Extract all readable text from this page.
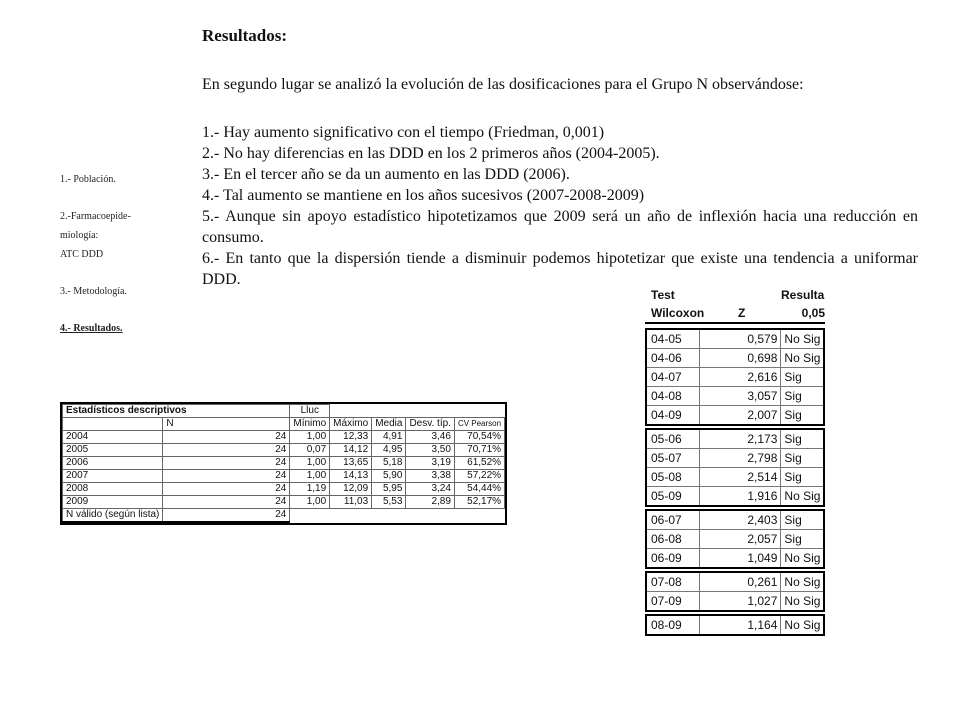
1.- Población.
2.-Farmacoepide-
miología:
ATC DDD
3.- Metodología.
4.- Resultados.
Resultados:
En segundo lugar se analizó la evolución de las dosificaciones para el Grupo N observándose:

1.- Hay aumento significativo con el tiempo (Friedman, 0,001)

2.- No hay diferencias en las DDD en los 2 primeros años (2004-2005).

3.- En el tercer año se da un aumento en las DDD (2006).

4.- Tal aumento se mantiene en los años sucesivos (2007-2008-2009)

5.- Aunque sin apoyo estadístico hipotetizamos que 2009 será un año de inflexión hacia una reducción en consumo.

6.- En tanto que la dispersión tiende a disminuir podemos hipotetizar que existe una tendencia a uniformar DDD.

Estadísticos descriptivos		Lluc				
	N	Mínimo	Máximo	Media	Desv. típ.	CV Pearson
2004	24	1,00	12,33	4,91	3,46	70,54%
2005	24	0,07	14,12	4,95	3,50	70,71%
2006	24	1,00	13,65	5,18	3,19	61,52%
2007	24	1,00	14,13	5,90	3,38	57,22%
2008	24	1,19	12,09	5,95	3,24	54,44%
2009	24	1,00	11,03	5,53	2,89	52,17%
N válido (según lista)	24					
Test	Resulta
Wilcoxon	Z	0,05
04-05	0,579 No Sig
04-06	0,698 No Sig
04-07	2,616 Sig
04-08	3,057 Sig
04-09	2,007 Sig
05-06	2,173 Sig
05-07	2,798 Sig
05-08	2,514 Sig
05-09	1,916 No Sig
06-07	2,403 Sig
06-08	2,057 Sig
06-09	1,049 No Sig
07-08	0,261 No Sig
07-09	1,027 No Sig
08-09	1,164 No Sig
